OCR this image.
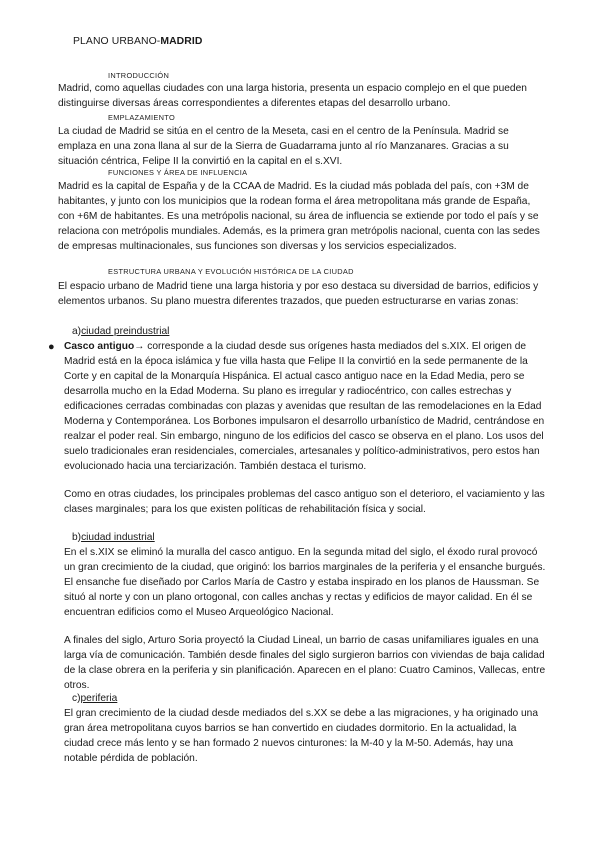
PLANO URBANO-MADRID
INTRODUCCIÓN

Madrid, como aquellas ciudades con una larga historia, presenta un espacio complejo en el que pueden distinguirse diversas áreas correspondientes a diferentes etapas del desarrollo urbano.

EMPLAZAMIENTO

La ciudad de Madrid se sitúa en el centro de la Meseta, casi en el centro de la Península. Madrid se emplaza en una zona llana al sur de la Sierra de Guadarrama junto al río Manzanares. Gracias a su situación céntrica, Felipe II la convirtió en la capital en el s.XVI.

FUNCIONES Y ÁREA DE INFLUENCIA

Madrid es la capital de España y de la CCAA de Madrid. Es la ciudad más poblada del país, con +3M de habitantes, y junto con los municipios que la rodean forma el área metropolitana más grande de España, con +6M de habitantes. Es una metrópolis nacional, su área de influencia se extiende por todo el país y se relaciona con metrópolis mundiales. Además, es la primera gran metrópolis nacional, cuenta con las sedes de empresas multinacionales, sus funciones son diversas y los servicios especializados.

ESTRUCTURA URBANA Y EVOLUCIÓN HISTÓRICA DE LA CIUDAD

El espacio urbano de Madrid tiene una larga historia y por eso destaca su diversidad de barrios, edificios y elementos urbanos. Su plano muestra diferentes trazados, que pueden estructurarse en varias zonas:

a)ciudad preindustrial
● Casco antiguo→ corresponde a la ciudad desde sus orígenes hasta mediados del s.XIX. El origen de Madrid está en la época islámica y fue villa hasta que Felipe II la convirtió en la sede permanente de la Corte y en capital de la Monarquía Hispánica. El actual casco antiguo nace en la Edad Media, pero se desarrolla mucho en la Edad Moderna. Su plano es irregular y radiocéntrico, con calles estrechas y edificaciones cerradas combinadas con plazas y avenidas que resultan de las remodelaciones en la Edad Moderna y Contemporánea. Los Borbones impulsaron el desarrollo urbanístico de Madrid, centrándose en realzar el poder real. Sin embargo, ninguno de los edificios del casco se observa en el plano. Los usos del suelo tradicionales eran residenciales, comerciales, artesanales y político-administrativos, pero estos han evolucionado hacia una terciarización. También destaca el turismo.

Como en otras ciudades, los principales problemas del casco antiguo son el deterioro, el vaciamiento y las clases marginales; para los que existen políticas de rehabilitación física y social.

b)ciudad industrial

En el s.XIX se eliminó la muralla del casco antiguo. En la segunda mitad del siglo, el éxodo rural provocó un gran crecimiento de la ciudad, que originó: los barrios marginales de la periferia y el ensanche burgués. El ensanche fue diseñado por Carlos María de Castro y estaba inspirado en los planos de Haussman. Se situó al norte y con un plano ortogonal, con calles anchas y rectas y edificios de mayor calidad. En él se encuentran edificios como el Museo Arqueológico Nacional.

A finales del siglo, Arturo Soria proyectó la Ciudad Lineal, un barrio de casas unifamiliares iguales en una larga vía de comunicación. También desde finales del siglo surgieron barrios con viviendas de baja calidad de la clase obrera en la periferia y sin planificación. Aparecen en el plano: Cuatro Caminos, Vallecas, entre otros.

c)periferia

El gran crecimiento de la ciudad desde mediados del s.XX se debe a las migraciones, y ha originado una gran área metropolitana cuyos barrios se han convertido en ciudades dormitorio. En la actualidad, la ciudad crece más lento y se han formado 2 nuevos cinturones: la M-40 y la M-50. Además, hay una notable pérdida de población.
